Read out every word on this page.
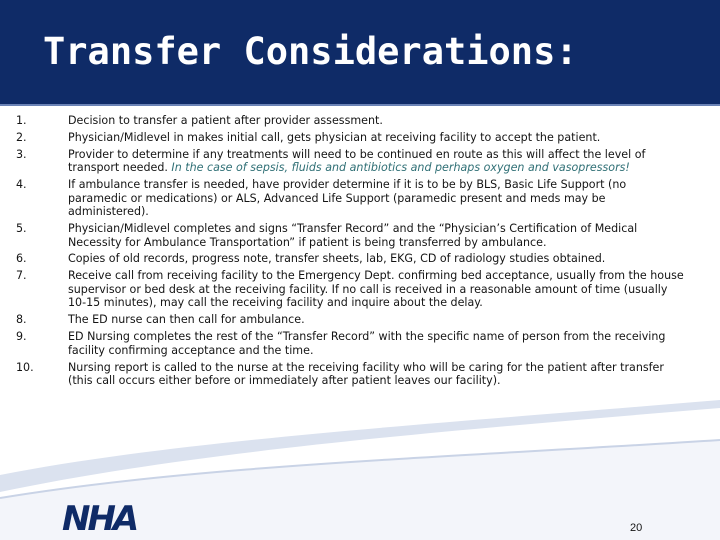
Transfer Considerations:
1.	Decision to transfer a patient after provider assessment.
2.	Physician/Midlevel in makes initial call, gets physician at receiving facility to accept the patient.
3.	Provider to determine if any treatments will need to be continued en route as this will affect the level of transport needed. In the case of sepsis, fluids and antibiotics and perhaps oxygen and vasopressors!
4.	If ambulance transfer is needed, have provider determine if it is to be by BLS, Basic Life Support (no paramedic or medications) or ALS, Advanced Life Support (paramedic present and meds may be administered).
5.	Physician/Midlevel completes and signs “Transfer Record” and the “Physician’s Certification of Medical Necessity for Ambulance Transportation” if patient is being transferred by ambulance.
6.	Copies of old records, progress note, transfer sheets, lab, EKG, CD of radiology studies obtained.
7.	Receive call from receiving facility to the Emergency Dept. confirming bed acceptance, usually from the house supervisor or bed desk at the receiving facility. If no call is received in a reasonable amount of time (usually 10-15 minutes), may call the receiving facility and inquire about the delay.
8.	The ED nurse can then call for ambulance.
9.	ED Nursing completes the rest of the “Transfer Record” with the specific name of person from the receiving facility confirming acceptance and the time.
10.	Nursing report is called to the nurse at the receiving facility who will be caring for the patient after transfer (this call occurs either before or immediately after patient leaves our facility).
NHA	20
